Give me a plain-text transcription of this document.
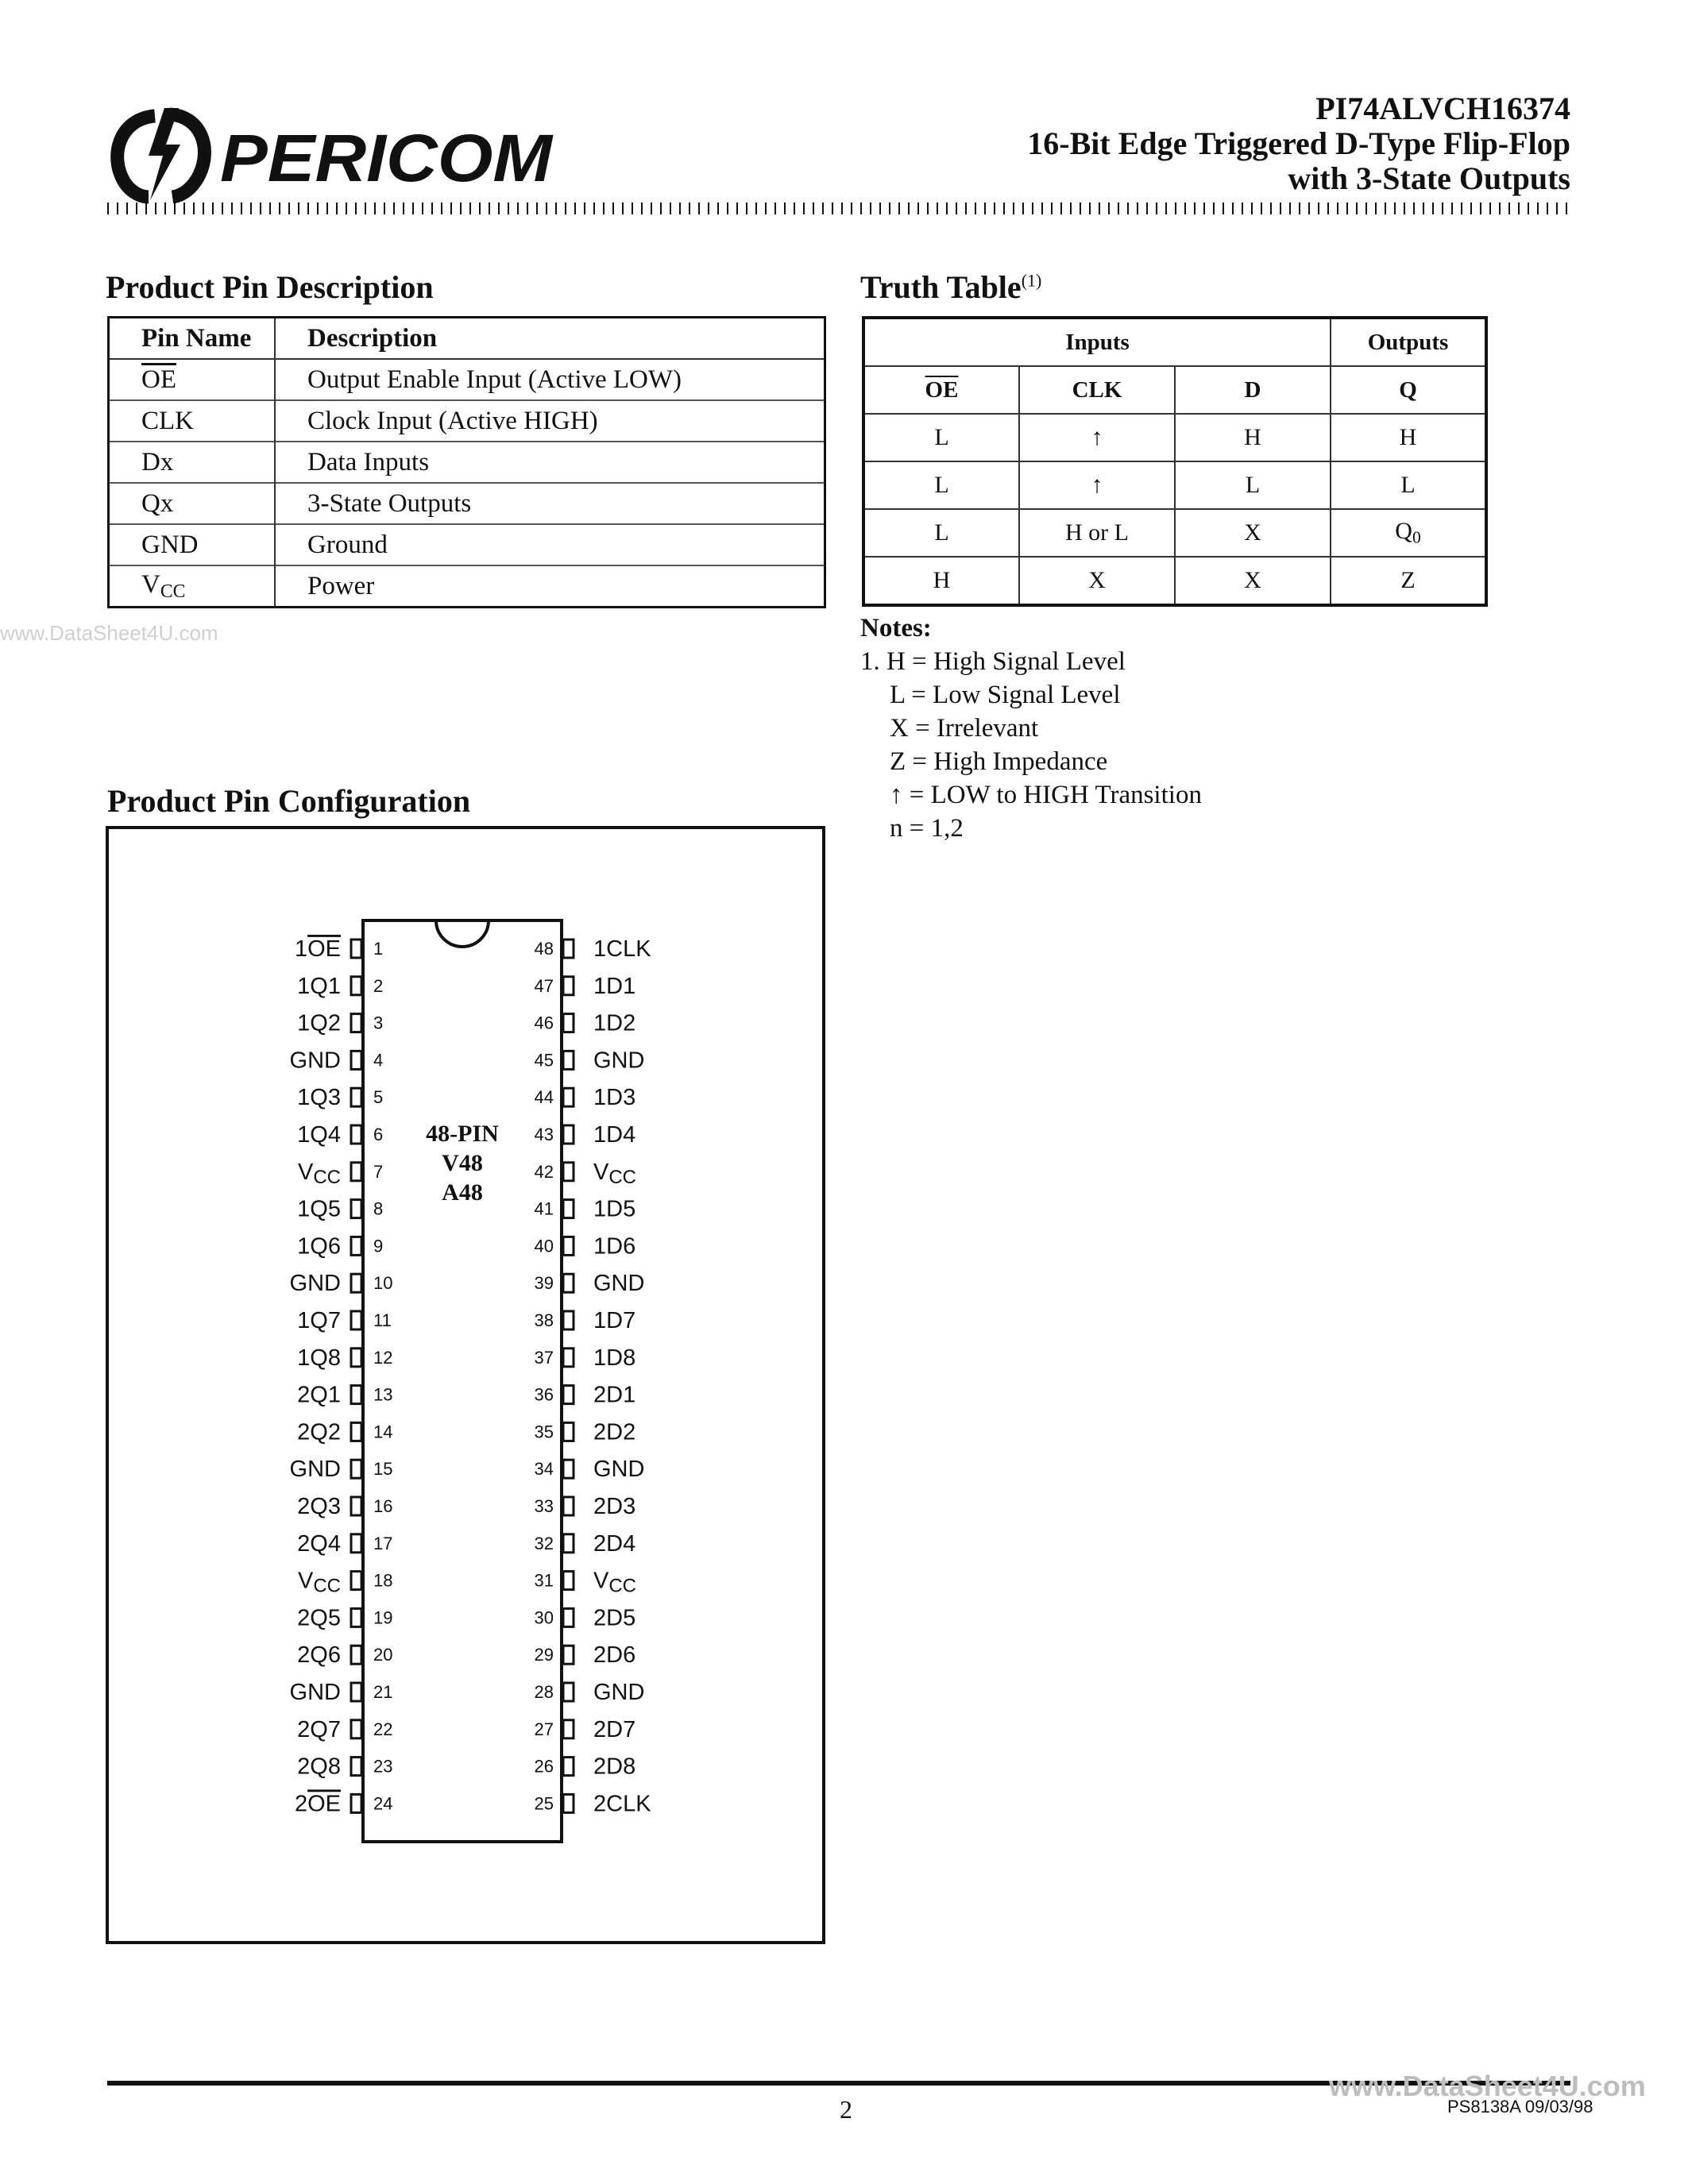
PERICOM
PI74ALVCH16374
16-Bit Edge Triggered D-Type Flip-Flop
with 3-State Outputs
Product Pin Description
Pin Name	Description
$\overline{OE}$	Output Enable Input (Active LOW)
CLK	Clock Input (Active HIGH)
Dx	Data Inputs
Qx	3-State Outputs
GND	Ground
$V_{CC}$	Power
Truth Table$^{(1)}$
Inputs			Outputs
$\overline{OE}$	CLK	D	Q
L	↑	H	H
L	↑	L	L
L	H or L	X	$Q_0$
H	X	X	Z
Notes:
1. H = High Signal Level
L = Low Signal Level
X = Irrelevant
Z = High Impedance
↑ = LOW to HIGH Transition
n = 1,2
www.DataSheet4U.com
Product Pin Configuration
1
1OE
2
1Q1
3
1Q2
4
GND
5
1Q3
6
1Q4
7
VCC
8
1Q5
9
1Q6
10
GND
11
1Q7
12
1Q8
13
2Q1
14
2Q2
15
GND
16
2Q3
17
2Q4
18
VCC
19
2Q5
20
2Q6
21
GND
22
2Q7
23
2Q8
24
2OE
48 1CLK
47 1D1
46 1D2
45 GND
44 1D3
43 1D4
42 VCC
41 1D5
40 1D6
39 GND
38 1D7
37 1D8
36 2D1
35 2D2
34 GND
33 2D3
32 2D4
31 VCC
30 2D5
29 2D6
28 GND
27 2D7
26 2D8
25 2CLK
48-PIN
V48
A48
www.DataSheet4U.com
2	PS8138A 09/03/98
